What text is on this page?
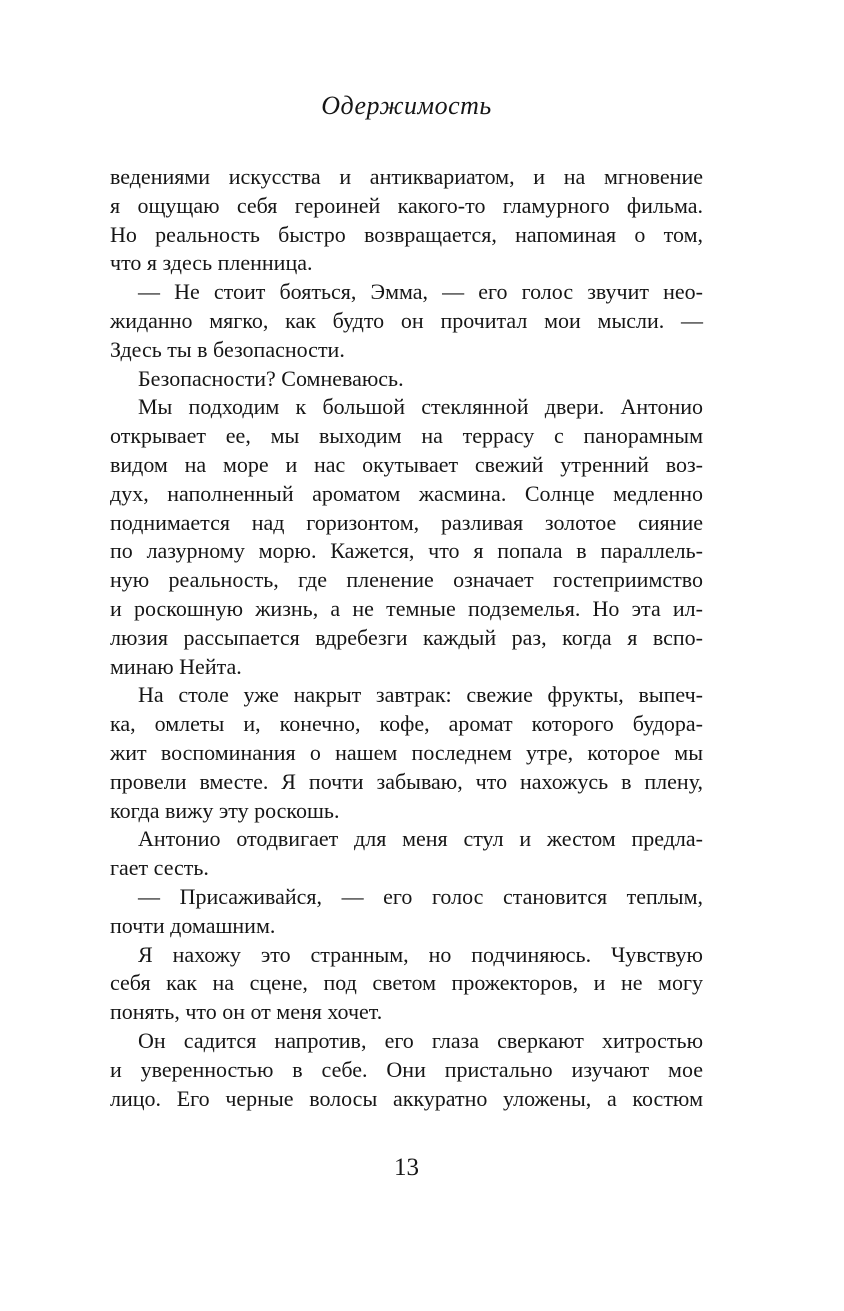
Одержимость
ведениями искусства и антиквариатом, и на мгновение
я ощущаю себя героиней какого-то гламурного фильма.
Но реальность быстро возвращается, напоминая о том,
что я здесь пленница.
— Не стоит бояться, Эмма, — его голос звучит нео-
жиданно мягко, как будто он прочитал мои мысли. —
Здесь ты в безопасности.
Безопасности? Сомневаюсь.
Мы подходим к большой стеклянной двери. Антонио
открывает ее, мы выходим на террасу с панорамным
видом на море и нас окутывает свежий утренний воз-
дух, наполненный ароматом жасмина. Солнце медленно
поднимается над горизонтом, разливая золотое сияние
по лазурному морю. Кажется, что я попала в параллель-
ную реальность, где пленение означает гостеприимство
и роскошную жизнь, а не темные подземелья. Но эта ил-
люзия рассыпается вдребезги каждый раз, когда я вспо-
минаю Нейта.
На столе уже накрыт завтрак: свежие фрукты, выпеч-
ка, омлеты и, конечно, кофе, аромат которого будора-
жит воспоминания о нашем последнем утре, которое мы
провели вместе. Я почти забываю, что нахожусь в плену,
когда вижу эту роскошь.
Антонио отодвигает для меня стул и жестом предла-
гает сесть.
— Присаживайся, — его голос становится теплым,
почти домашним.
Я нахожу это странным, но подчиняюсь. Чувствую
себя как на сцене, под светом прожекторов, и не могу
понять, что он от меня хочет.
Он садится напротив, его глаза сверкают хитростью
и уверенностью в себе. Они пристально изучают мое
лицо. Его черные волосы аккуратно уложены, а костюм
13
